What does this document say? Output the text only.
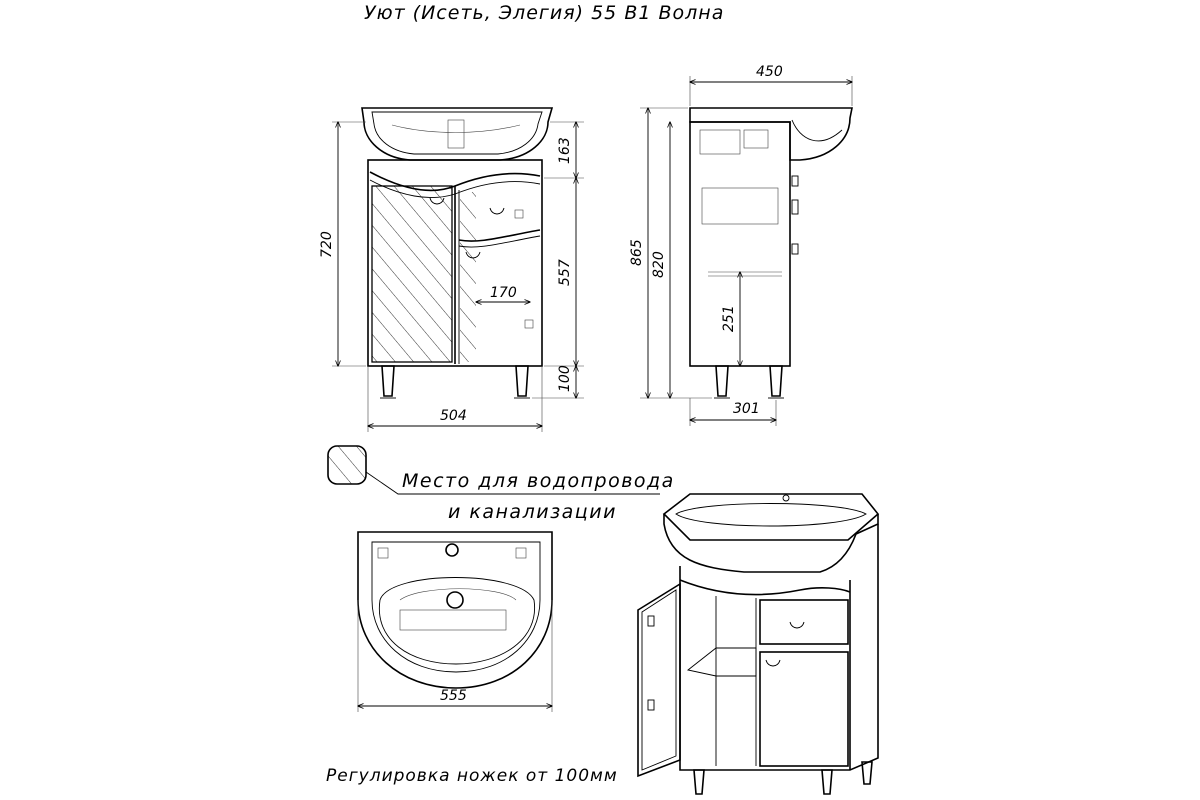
Уют (Исеть, Элегия) 55 В1 Волна
170
504
720
163
557
100
450
865 820
251
301
Место для водопровода
и канализации
555
Регулировка ножек от 100мм
